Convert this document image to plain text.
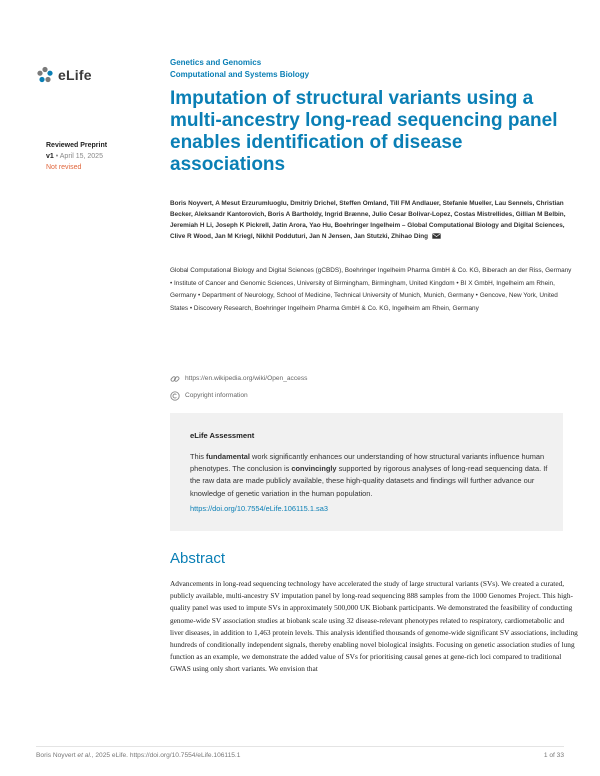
eLife
Reviewed Preprint
v1 • April 15, 2025
Not revised
Genetics and Genomics
Computational and Systems Biology
Imputation of structural variants using a multi-ancestry long-read sequencing panel enables identification of disease associations
Boris Noyvert, A Mesut Erzurumluoglu, Dmitriy Drichel, Steffen Omland, Till FM Andlauer, Stefanie Mueller, Lau Sennels, Christian Becker, Aleksandr Kantorovich, Boris A Bartholdy, Ingrid Brænne, Julio Cesar Bolivar-Lopez, Costas Mistrellides, Gillian M Belbin, Jeremiah H Li, Joseph K Pickrell, Jatin Arora, Yao Hu, Boehringer Ingelheim – Global Computational Biology and Digital Sciences, Clive R Wood, Jan M Kriegl, Nikhil Podduturi, Jan N Jensen, Jan Stutzki, Zhihao Ding
Global Computational Biology and Digital Sciences (gCBDS), Boehringer Ingelheim Pharma GmbH & Co. KG, Biberach an der Riss, Germany • Institute of Cancer and Genomic Sciences, University of Birmingham, Birmingham, United Kingdom • BI X GmbH, Ingelheim am Rhein, Germany • Department of Neurology, School of Medicine, Technical University of Munich, Munich, Germany • Gencove, New York, United States • Discovery Research, Boehringer Ingelheim Pharma GmbH & Co. KG, Ingelheim am Rhein, Germany
https://en.wikipedia.org/wiki/Open_access
Copyright information
eLife Assessment
This fundamental work significantly enhances our understanding of how structural variants influence human phenotypes. The conclusion is convincingly supported by rigorous analyses of long-read sequencing data. If the raw data are made publicly available, these high-quality datasets and findings will further advance our knowledge of genetic variation in the human population.
https://doi.org/10.7554/eLife.106115.1.sa3
Abstract

Advancements in long-read sequencing technology have accelerated the study of large structural variants (SVs). We created a curated, publicly available, multi-ancestry SV imputation panel by long-read sequencing 888 samples from the 1000 Genomes Project. This high-quality panel was used to impute SVs in approximately 500,000 UK Biobank participants. We demonstrated the feasibility of conducting genome-wide SV association studies at biobank scale using 32 disease-relevant phenotypes related to respiratory, cardiometabolic and liver diseases, in addition to 1,463 protein levels. This analysis identified thousands of genome-wide significant SV associations, including hundreds of conditionally independent signals, thereby enabling novel biological insights. Focusing on genetic association studies of lung function as an example, we demonstrate the added value of SVs for prioritising causal genes at gene-rich loci compared to traditional GWAS using only short variants. We envision that

Boris Noyvert et al., 2025 eLife. https://doi.org/10.7554/eLife.106115.1	1 of 33
